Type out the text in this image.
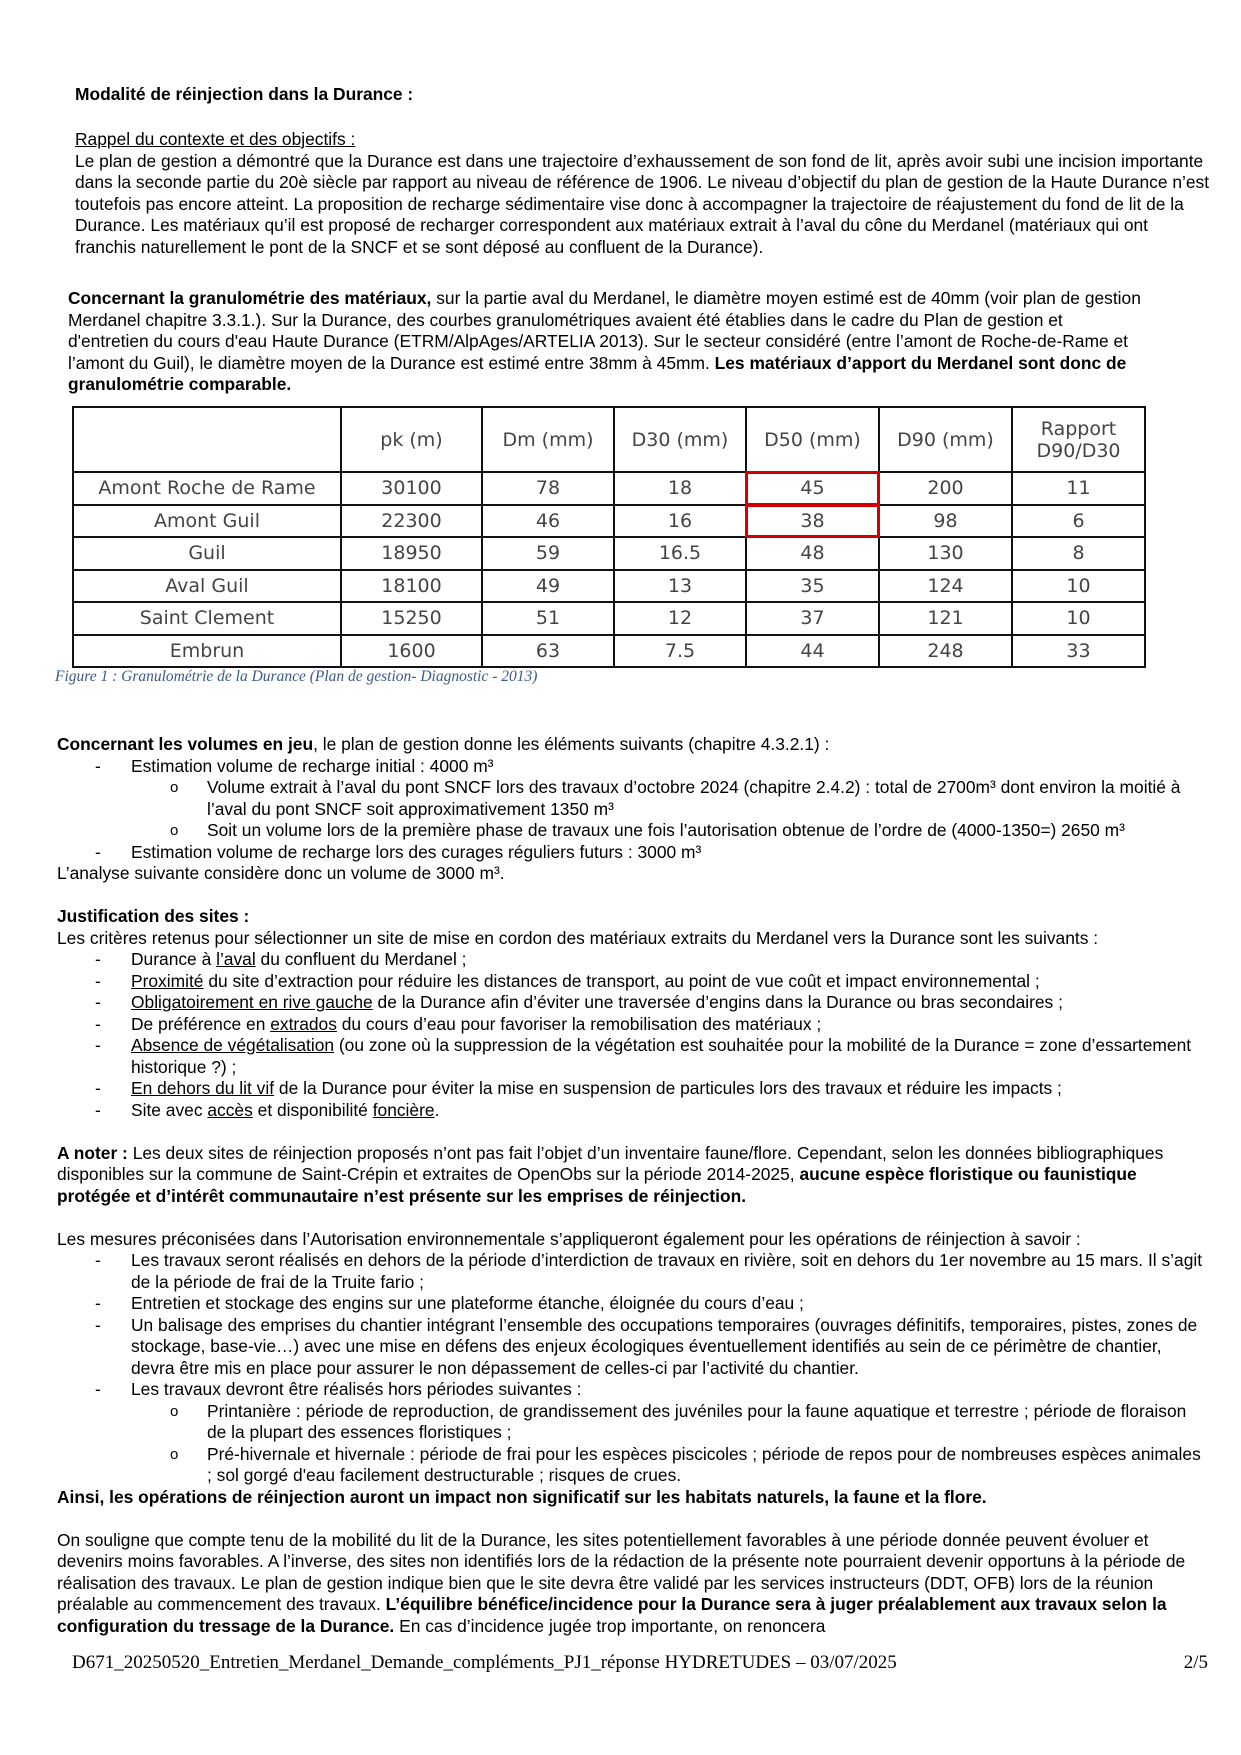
Modalité de réinjection dans la Durance :

Rappel du contexte et des objectifs :

Le plan de gestion a démontré que la Durance est dans une trajectoire d’exhaussement de son fond de lit, après avoir subi une incision importante dans la seconde partie du 20è siècle par rapport au niveau de référence de 1906. Le niveau d’objectif du plan de gestion de la Haute Durance n’est toutefois pas encore atteint. La proposition de recharge sédimentaire vise donc à accompagner la trajectoire de réajustement du fond de lit de la Durance. Les matériaux qu’il est proposé de recharger correspondent aux matériaux extrait à l’aval du cône du Merdanel (matériaux qui ont franchis naturellement le pont de la SNCF et se sont déposé au confluent de la Durance).

Concernant la granulométrie des matériaux, sur la partie aval du Merdanel, le diamètre moyen estimé est de 40mm (voir plan de gestion Merdanel chapitre 3.3.1.). Sur la Durance, des courbes granulométriques avaient été établies dans le cadre du Plan de gestion et d'entretien du cours d'eau Haute Durance (ETRM/AlpAges/ARTELIA 2013). Sur le secteur considéré (entre l’amont de Roche-de-Rame et l’amont du Guil), le diamètre moyen de la Durance est estimé entre 38mm à 45mm. Les matériaux d’apport du Merdanel sont donc de granulométrie comparable.
	pk (m)	Dm (mm)	D30 (mm)	D50 (mm)	D90 (mm)	Rapport D90/D30
Amont Roche de Rame	30100	78	18	45	200	11
Amont Guil	22300	46	16	38	98	6
Guil	18950	59	16.5	48	130	8
Aval Guil	18100	49	13	35	124	10
Saint Clement	15250	51	12	37	121	10
Embrun	1600	63	7.5	44	248	33
Figure 1 : Granulométrie de la Durance (Plan de gestion- Diagnostic - 2013)

Concernant les volumes en jeu, le plan de gestion donne les éléments suivants (chapitre 4.3.2.1) :

- Estimation volume de recharge initial : 4000 m³
o Volume extrait à l’aval du pont SNCF lors des travaux d’octobre 2024 (chapitre 2.4.2) : total de 2700m³ dont environ la moitié à l’aval du pont SNCF soit approximativement 1350 m³
o Soit un volume lors de la première phase de travaux une fois l’autorisation obtenue de l’ordre de (4000-1350=) 2650 m³
- Estimation volume de recharge lors des curages réguliers futurs : 3000 m³

L’analyse suivante considère donc un volume de 3000 m³.

Justification des sites :

Les critères retenus pour sélectionner un site de mise en cordon des matériaux extraits du Merdanel vers la Durance sont les suivants :

- Durance à l’aval du confluent du Merdanel ;
- Proximité du site d’extraction pour réduire les distances de transport, au point de vue coût et impact environnemental ;
- Obligatoirement en rive gauche de la Durance afin d’éviter une traversée d’engins dans la Durance ou bras secondaires ;
- De préférence en extrados du cours d’eau pour favoriser la remobilisation des matériaux ;
- Absence de végétalisation (ou zone où la suppression de la végétation est souhaitée pour la mobilité de la Durance = zone d’essartement historique ?) ;
- En dehors du lit vif de la Durance pour éviter la mise en suspension de particules lors des travaux et réduire les impacts ;
- Site avec accès et disponibilité foncière.

A noter : Les deux sites de réinjection proposés n’ont pas fait l’objet d’un inventaire faune/flore. Cependant, selon les données bibliographiques disponibles sur la commune de Saint-Crépin et extraites de OpenObs sur la période 2014-2025, aucune espèce floristique ou faunistique protégée et d’intérêt communautaire n’est présente sur les emprises de réinjection.

Les mesures préconisées dans l’Autorisation environnementale s’appliqueront également pour les opérations de réinjection à savoir :

- Les travaux seront réalisés en dehors de la période d’interdiction de travaux en rivière, soit en dehors du 1er novembre au 15 mars. Il s’agit de la période de frai de la Truite fario ;
- Entretien et stockage des engins sur une plateforme étanche, éloignée du cours d’eau ;
- Un balisage des emprises du chantier intégrant l’ensemble des occupations temporaires (ouvrages définitifs, temporaires, pistes, zones de stockage, base-vie…) avec une mise en défens des enjeux écologiques éventuellement identifiés au sein de ce périmètre de chantier, devra être mis en place pour assurer le non dépassement de celles-ci par l’activité du chantier.
- Les travaux devront être réalisés hors périodes suivantes :
o Printanière : période de reproduction, de grandissement des juvéniles pour la faune aquatique et terrestre ; période de floraison de la plupart des essences floristiques ;
o Pré-hivernale et hivernale : période de frai pour les espèces piscicoles ; période de repos pour de nombreuses espèces animales ; sol gorgé d'eau facilement destructurable ; risques de crues.

Ainsi, les opérations de réinjection auront un impact non significatif sur les habitats naturels, la faune et la flore.

On souligne que compte tenu de la mobilité du lit de la Durance, les sites potentiellement favorables à une période donnée peuvent évoluer et devenirs moins favorables. A l’inverse, des sites non identifiés lors de la rédaction de la présente note pourraient devenir opportuns à la période de réalisation des travaux. Le plan de gestion indique bien que le site devra être validé par les services instructeurs (DDT, OFB) lors de la réunion préalable au commencement des travaux. L’équilibre bénéfice/incidence pour la Durance sera à juger préalablement aux travaux selon la configuration du tressage de la Durance. En cas d’incidence jugée trop importante, on renoncera

D671_20250520_Entretien_Merdanel_Demande_compléments_PJ1_réponse HYDRETUDES – 03/07/2025	2/5
